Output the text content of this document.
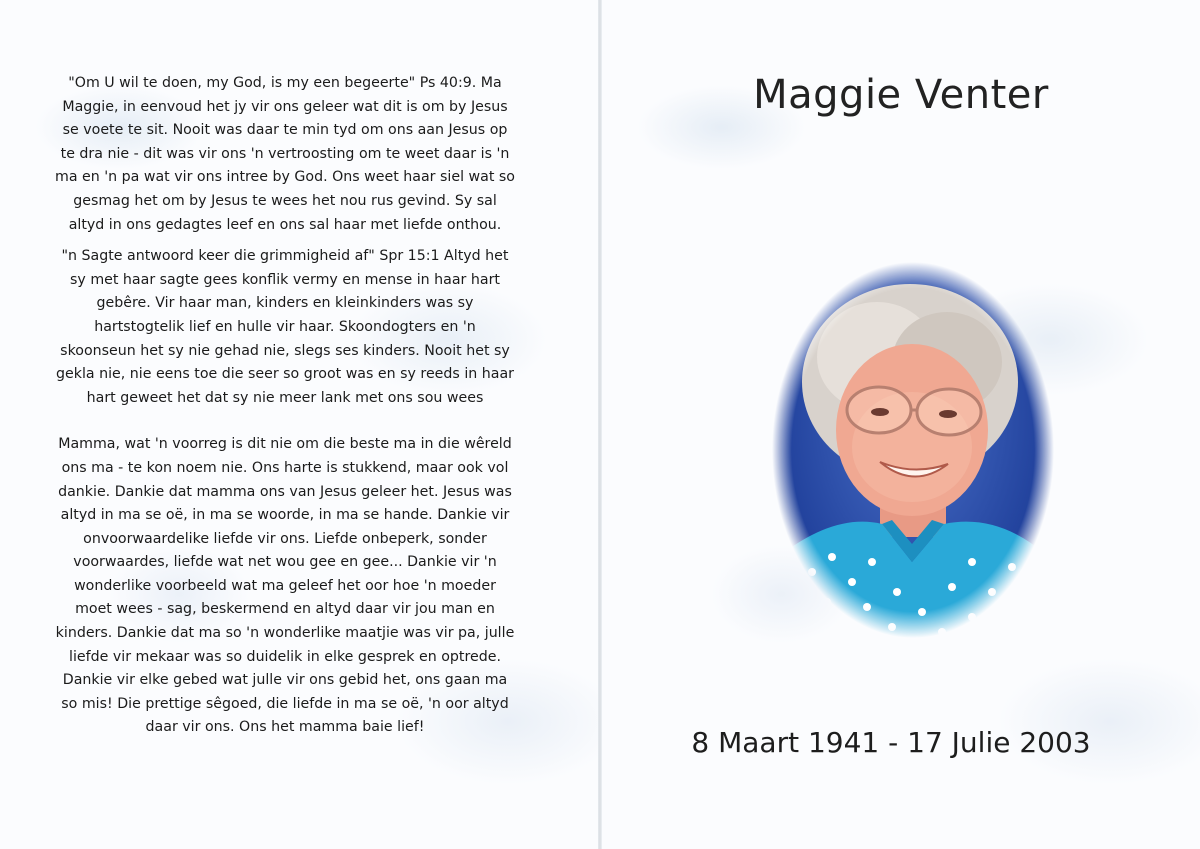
"Om U wil te doen, my God, is my een begeerte" Ps 40:9. Ma Maggie, in eenvoud het jy vir ons geleer wat dit is om by Jesus se voete te sit. Nooit was daar te min tyd om ons aan Jesus op te dra nie - dit was vir ons 'n vertroosting om te weet daar is 'n ma en 'n pa wat vir ons intree by God. Ons weet haar siel wat so gesmag het om by Jesus te wees het nou rus gevind. Sy sal altyd in ons gedagtes leef en ons sal haar met liefde onthou.

"n Sagte antwoord keer die grimmigheid af" Spr 15:1 Altyd het sy met haar sagte gees konflik vermy en mense in haar hart gebêre. Vir haar man, kinders en kleinkinders was sy hartstogtelik lief en hulle vir haar. Skoondogters en 'n skoonseun het sy nie gehad nie, slegs ses kinders. Nooit het sy gekla nie, nie eens toe die seer so groot was en sy reeds in haar hart geweet het dat sy nie meer lank met ons sou wees

Mamma, wat 'n voorreg is dit nie om die beste ma in die wêreld ons ma - te kon noem nie. Ons harte is stukkend, maar ook vol dankie. Dankie dat mamma ons van Jesus geleer het. Jesus was altyd in ma se oë, in ma se woorde, in ma se hande. Dankie vir onvoorwaardelike liefde vir ons. Liefde onbeperk, sonder voorwaardes, liefde wat net wou gee en gee... Dankie vir 'n wonderlike voorbeeld wat ma geleef het oor hoe 'n moeder moet wees - sag, beskermend en altyd daar vir jou man en kinders. Dankie dat ma so 'n wonderlike maatjie was vir pa, julle liefde vir mekaar was so duidelik in elke gesprek en optrede. Dankie vir elke gebed wat julle vir ons gebid het, ons gaan ma so mis! Die prettige sêgoed, die liefde in ma se oë, 'n oor altyd daar vir ons. Ons het mamma baie lief!

Maggie Venter
8 Maart 1941 - 17 Julie 2003
